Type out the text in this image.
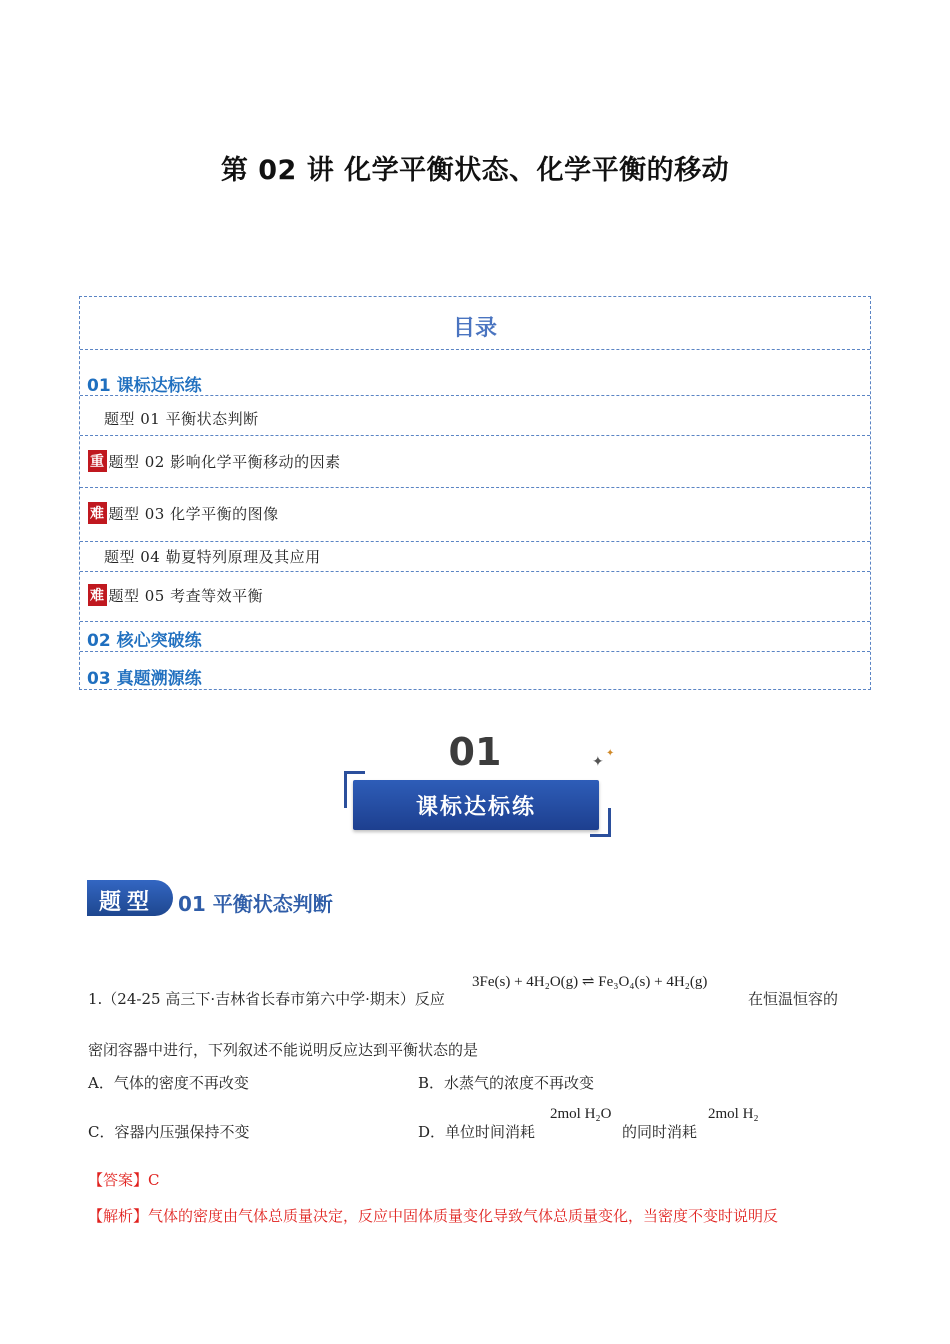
第 02 讲 化学平衡状态、化学平衡的移动
目录
01 课标达标练
题型 01 平衡状态判断
重 题型 02 影响化学平衡移动的因素
难 题型 03 化学平衡的图像
题型 04 勒夏特列原理及其应用
难 题型 05 考查等效平衡
02 核心突破练
03 真题溯源练
01	✦
✦
课标达标练
题型	01 平衡状态判断
1.（24-25 高三下·吉林省长春市第六中学·期末）反应
3Fe(s) + 4H₂O(g) ⇌ Fe₃O₄(s) + 4H₂(g)
在恒温恒容的
密闭容器中进行，下列叙述不能说明反应达到平衡状态的是
A．气体的密度不再改变	B．水蒸气的浓度不再改变
C．容器内压强保持不变	D．单位时间消耗
2mol H₂O
的同时消耗
2mol H₂
【答案】C
【解析】气体的密度由气体总质量决定，反应中固体质量变化导致气体总质量变化，当密度不变时说明反
